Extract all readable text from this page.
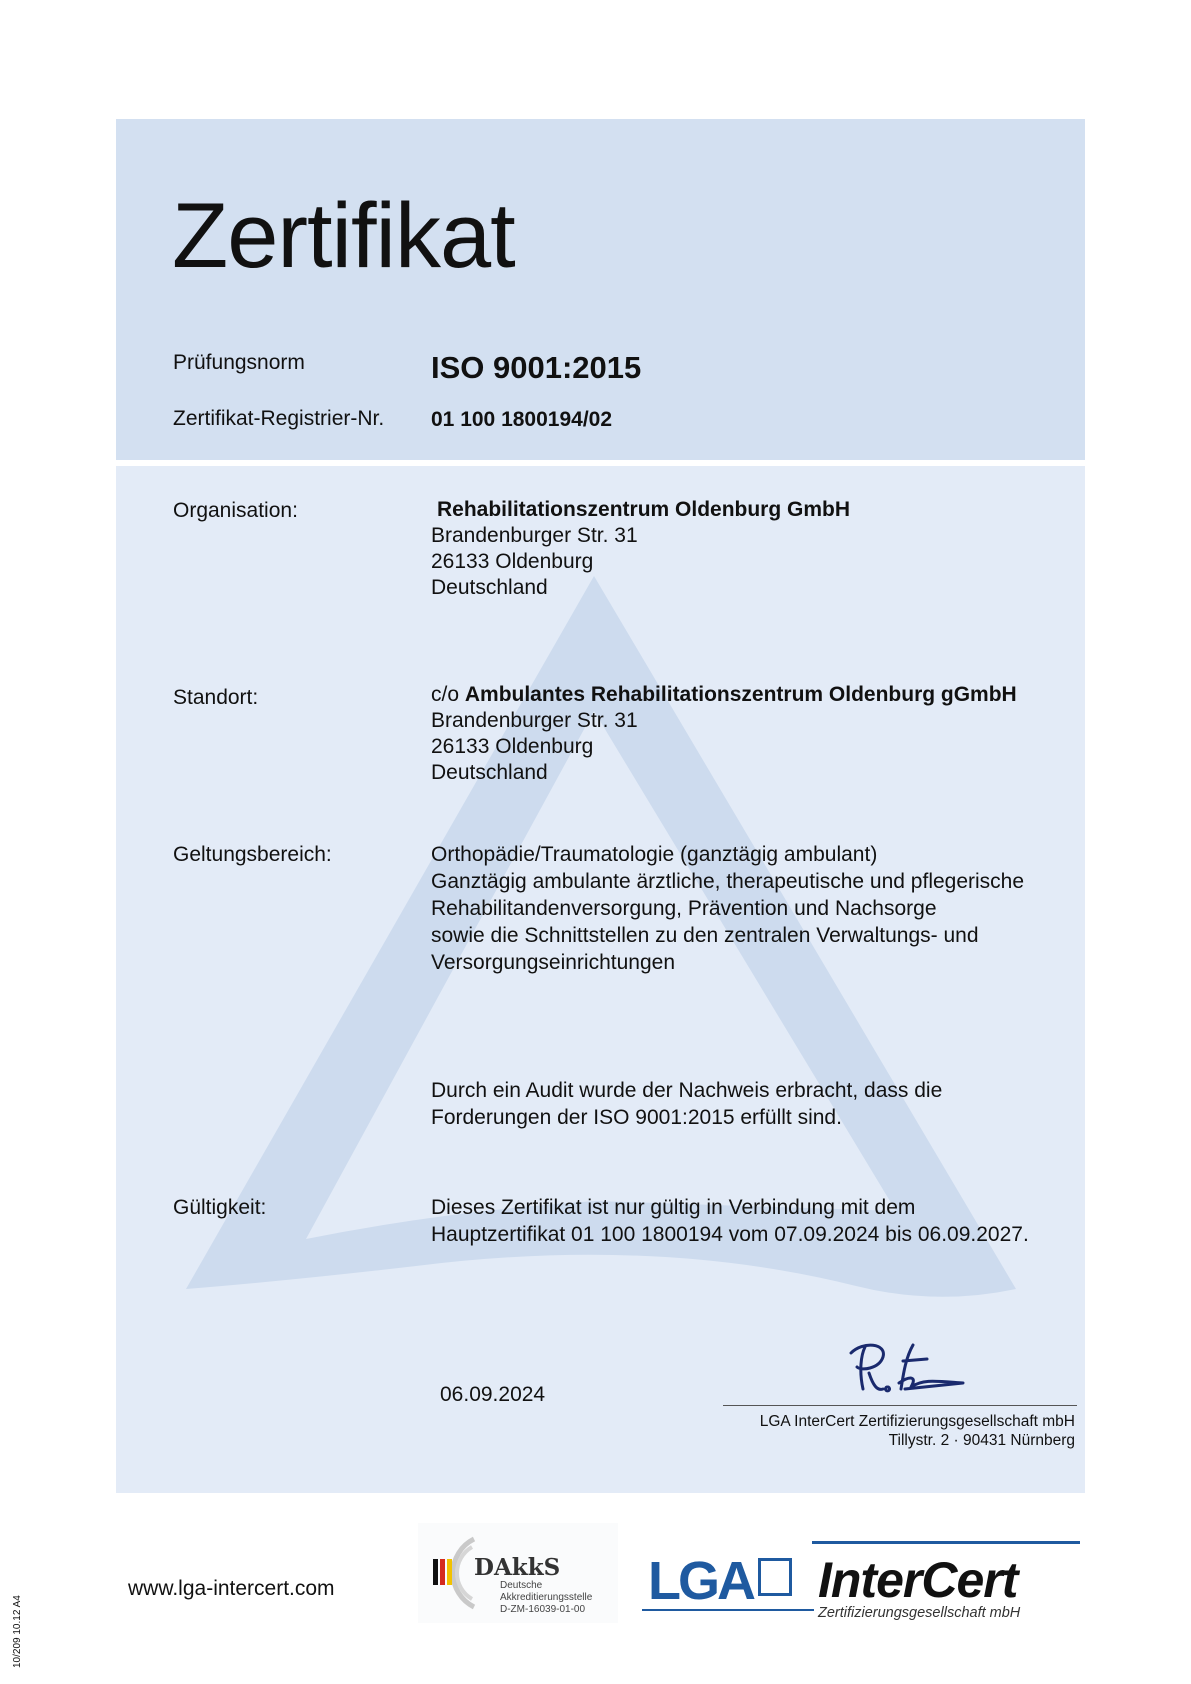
Zertifikat
Prüfungsnorm	ISO 9001:2015
Zertifikat-Registrier-Nr. 01 100 1800194/02
Organisation:	Rehabilitationszentrum Oldenburg GmbH
Brandenburger Str. 31
26133 Oldenburg
Deutschland
Standort:	c/o Ambulantes Rehabilitationszentrum Oldenburg gGmbH
Brandenburger Str. 31
26133 Oldenburg
Deutschland
Geltungsbereich:	Orthopädie/Traumatologie (ganztägig ambulant)
Ganztägig ambulante ärztliche, therapeutische und pflegerische
Rehabilitandenversorgung, Prävention und Nachsorge
sowie die Schnittstellen zu den zentralen Verwaltungs- und
Versorgungseinrichtungen
Durch ein Audit wurde der Nachweis erbracht, dass die
Forderungen der ISO 9001:2015 erfüllt sind.
Gültigkeit:	Dieses Zertifikat ist nur gültig in Verbindung mit dem
Hauptzertifikat 01 100 1800194 vom 07.09.2024 bis 06.09.2027.
06.09.2024
LGA InterCert Zertifizierungsgesellschaft mbH
Tillystr. 2 · 90431 Nürnberg
www.lga-intercert.com
10/209 10.12 A4
DAkkS
Deutsche
Akkreditierungsstelle
D-ZM-16039-01-00 LGA InterCert
Zertifizierungsgesellschaft mbH
